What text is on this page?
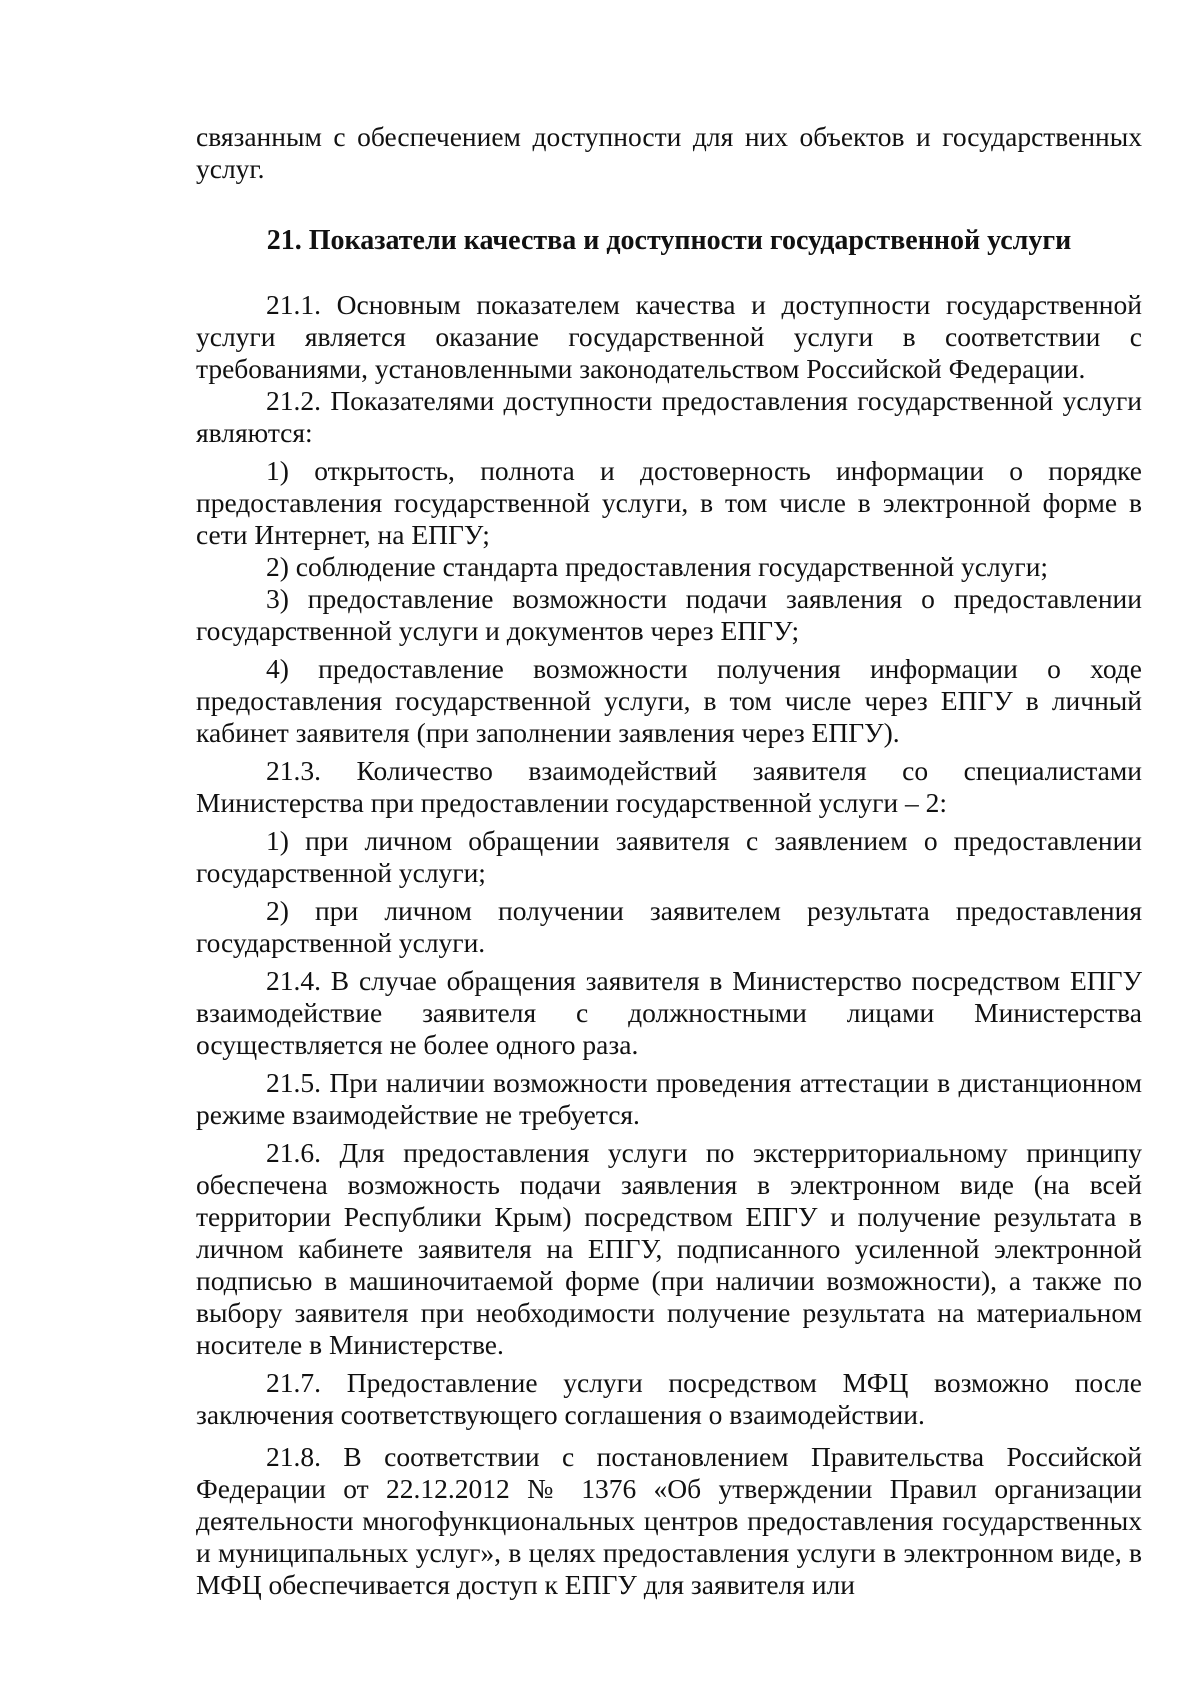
связанным с обеспечением доступности для них объектов и государственных услуг.

21. Показатели качества и доступности государственной услуги

21.1. Основным показателем качества и доступности государственной услуги является оказание государственной услуги в соответствии с требованиями, установленными законодательством Российской Федерации.

21.2. Показателями доступности предоставления государственной услуги являются:

1) открытость, полнота и достоверность информации о порядке предоставления государственной услуги, в том числе в электронной форме в сети Интернет, на ЕПГУ;

2) соблюдение стандарта предоставления государственной услуги;

3) предоставление возможности подачи заявления о предоставлении государственной услуги и документов через ЕПГУ;

4) предоставление возможности получения информации о ходе предоставления государственной услуги, в том числе через ЕПГУ в личный кабинет заявителя (при заполнении заявления через ЕПГУ).

21.3. Количество взаимодействий заявителя со специалистами Министерства при предоставлении государственной услуги – 2:

1) при личном обращении заявителя с заявлением о предоставлении государственной услуги;

2) при личном получении заявителем результата предоставления государственной услуги.

21.4. В случае обращения заявителя в Министерство посредством ЕПГУ взаимодействие заявителя с должностными лицами Министерства осуществляется не более одного раза.

21.5. При наличии возможности проведения аттестации в дистанционном режиме взаимодействие не требуется.

21.6. Для предоставления услуги по экстерриториальному принципу обеспечена возможность подачи заявления в электронном виде (на всей территории Республики Крым) посредством ЕПГУ и получение результата в личном кабинете заявителя на ЕПГУ, подписанного усиленной электронной подписью в машиночитаемой форме (при наличии возможности), а также по выбору заявителя при необходимости получение результата на материальном носителе в Министерстве.

21.7. Предоставление услуги посредством МФЦ возможно после заключения соответствующего соглашения о взаимодействии.

21.8. В соответствии с постановлением Правительства Российской Федерации от 22.12.2012 № 1376 «Об утверждении Правил организации деятельности многофункциональных центров предоставления государственных и муниципальных услуг», в целях предоставления услуги в электронном виде, в МФЦ обеспечивается доступ к ЕПГУ для заявителя или
